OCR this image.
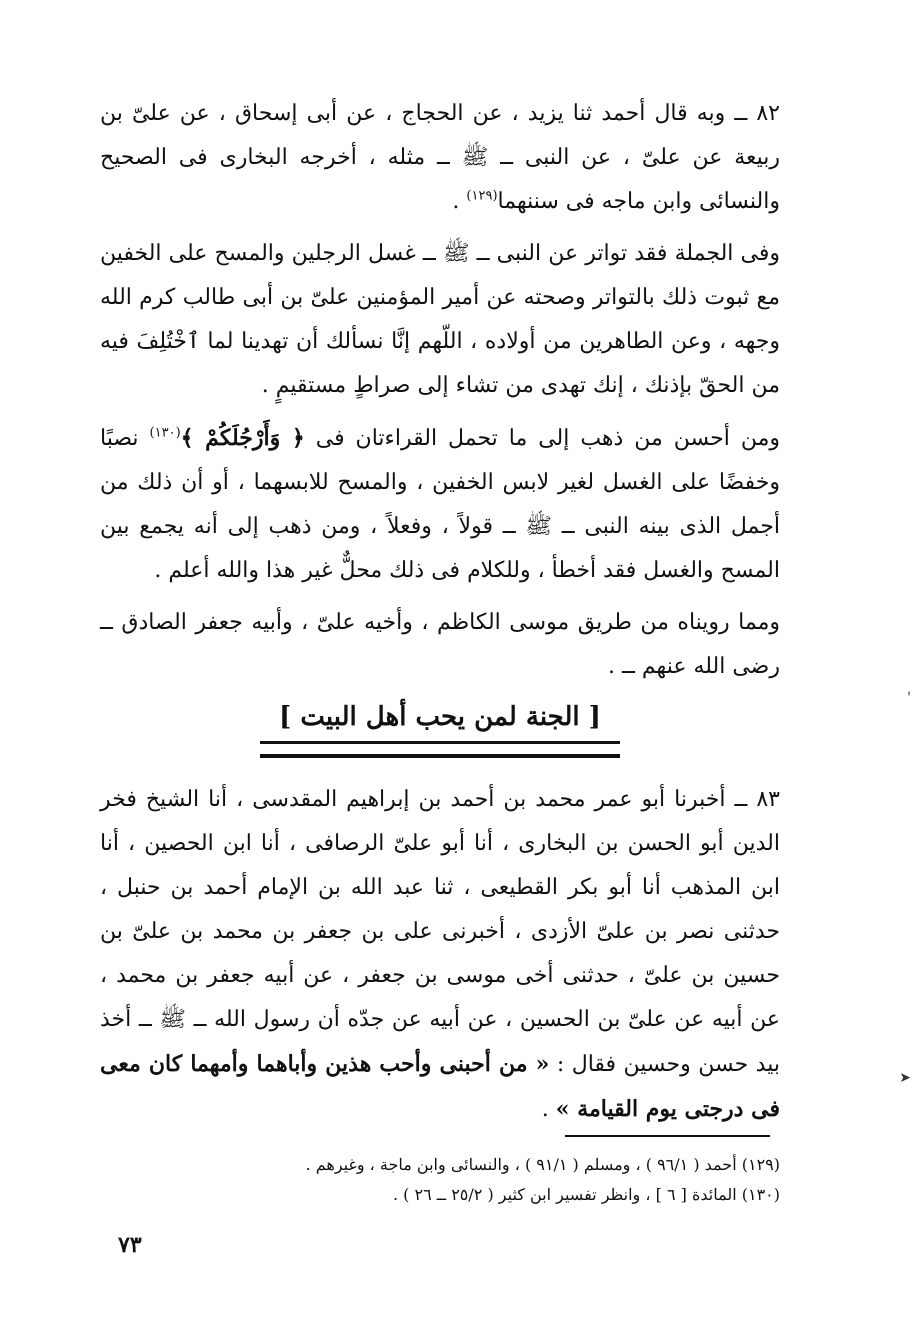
٨٢ ــ وبه قال أحمد ثنا يزيد ، عن الحجاج ، عن أبى إسحاق ، عن علىّ بن ربيعة عن علىّ ، عن النبى ــ ﷺ ــ مثله ، أخرجه البخارى فى الصحيح والنسائى وابن ماجه فى سننهما$^{(١٢٩)}$ .

وفى الجملة فقد تواتر عن النبى ــ ﷺ ــ غسل الرجلين والمسح على الخفين مع ثبوت ذلك بالتواتر وصحته عن أمير المؤمنين علىّ بن أبى طالب كرم الله وجهه ، وعن الطاهرين من أولاده ، اللّهم إنَّا نسألك أن تهدينا لما ٱخْتُلِفَ فيه من الحقّ بإذنك ، إنك تهدى من تشاء إلى صراطٍ مستقيمٍ .

ومن أحسن من ذهب إلى ما تحمل القراءتان فى ﴿ وَأَرْجُلَكُمْ ﴾$^{(١٣٠)}$ نصبًا وخفضًا على الغسل لغير لابس الخفين ، والمسح للابسهما ، أو أن ذلك من أجمل الذى بينه النبى ــ ﷺ ــ قولاً ، وفعلاً ، ومن ذهب إلى أنه يجمع بين المسح والغسل فقد أخطأ ، وللكلام فى ذلك محلٌّ غير هذا والله أعلم .

ومما رويناه من طريق موسى الكاظم ، وأخيه علىّ ، وأبيه جعفر الصادق ــ رضى الله عنهم ــ .

[ الجنة لمن يحب أهل البيت ]

٨٣ ــ أخبرنا أبو عمر محمد بن أحمد بن إبراهيم المقدسى ، أنا الشيخ فخر الدين أبو الحسن بن البخارى ، أنا أبو علىّ الرصافى ، أنا ابن الحصين ، أنا ابن المذهب أنا أبو بكر القطيعى ، ثنا عبد الله بن الإمام أحمد بن حنبل ، حدثنى نصر بن علىّ الأزدى ، أخبرنى على بن جعفر بن محمد بن علىّ بن حسين بن علىّ ، حدثنى أخى موسى بن جعفر ، عن أبيه جعفر بن محمد ، عن أبيه عن علىّ بن الحسين ، عن أبيه عن جدّه أن رسول الله ــ ﷺ ــ أخذ بيد حسن وحسين فقال : « من أحبنى وأحب هذين وأباهما وأمهما كان معى فى درجتى يوم القيامة » .

(١٢٩) أحمد ( ٩٦/١ ) ، ومسلم ( ٩١/١ ) ، والنسائى وابن ماجة ، وغيرهم .
(١٣٠) المائدة [ ٦ ] ، وانظر تفسير ابن كثير ( ٢٥/٢ ــ ٢٦ ) .
٧٣
'
➤
